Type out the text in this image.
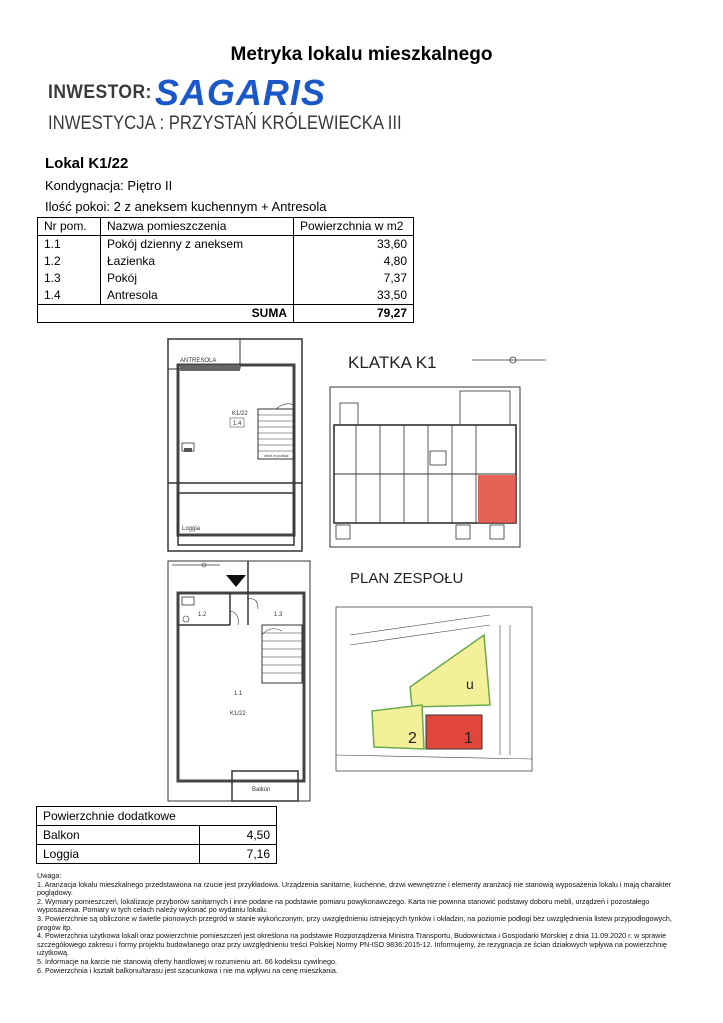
Metryka lokalu mieszkalnego
INWESTOR: SAGARIS
INWESTYCJA : PRZYSTAŃ KRÓLEWIECKA III
Lokal K1/22
Kondygnacja: Piętro II
Ilość pokoi: 2 z aneksem kuchennym + Antresola
Nr pom.	Nazwa pomieszczenia	Powierzchnia w m2
1.1	Pokój dzienny z aneksem	33,60
1.2	Łazienka	4,80
1.3	Pokój	7,37
1.4	Antresola	33,50
SUMA		79,27
ANTRESOLA
K1/22
1.4
obrót w pozdłuż
Loggia
1.2	1.3
1.1
K1/22
Balkon
KLATKA K1
PLAN ZESPOŁU
u
2	1
Powierzchnie dodatkowe	
Balkon	4,50
Loggia	7,16
Uwaga:
1. Aranżacja lokalu mieszkalnego przedstawiona na rzucie jest przykładowa. Urządzenia sanitarne, kuchenne, drzwi wewnętrzne i elementy aranżacji nie stanowią wyposażenia lokalu i mają charakter poglądowy.
2. Wymiary pomieszczeń, lokalizacje przyborów sanitarnych i inne podane na podstawie pomiaru powykonawczego. Karta nie powinna stanowić podstawy doboru mebli, urządzeń i pozostałego wyposażenia. Pomiary w tych celach należy wykonać po wydaniu lokalu.
3. Powierzchnie są obliczone w świetle pionowych przegród w stanie wykończonym, przy uwzględnieniu istniejących tynków i okładzin, na poziomie podłogi bez uwzględnienia listew przypodłogowych, progów itp.
4. Powierzchnia użytkowa lokali oraz powierzchnie pomieszczeń jest określona na podstawie Rozporządzenia Ministra Transportu, Budownictwa i Gospodarki Morskiej z dnia 11.09.2020 r. w sprawie szczegółowego zakresu i formy projektu budowlanego oraz przy uwzględnieniu treści Polskiej Normy PN-ISO 9836:2015-12. Informujemy, że rezygnacja ze ścian działowych wpływa na powierzchnię użytkową.
5. Informacje na karcie nie stanowią oferty handlowej w rozumieniu art. 66 kodeksu cywilnego.
6. Powierzchnia i kształt balkonu/tarasu jest szacunkowa i nie ma wpływu na cenę mieszkania.
